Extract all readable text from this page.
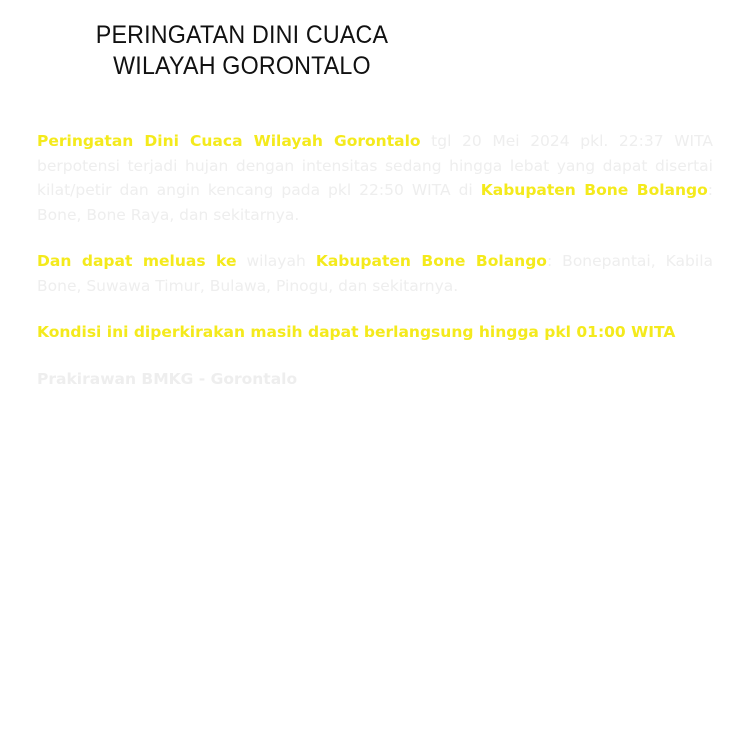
PERINGATAN DINI CUACA
WILAYAH GORONTALO

Peringatan Dini Cuaca Wilayah Gorontalo tgl 20 Mei 2024 pkl. 22:37 WITA berpotensi terjadi hujan dengan intensitas sedang hingga lebat yang dapat disertai kilat/petir dan angin kencang pada pkl 22:50 WITA di Kabupaten Bone Bolango: Bone, Bone Raya, dan sekitarnya.

Dan dapat meluas ke wilayah Kabupaten Bone Bolango: Bonepantai, Kabila Bone, Suwawa Timur, Bulawa, Pinogu, dan sekitarnya.

Kondisi ini diperkirakan masih dapat berlangsung hingga pkl 01:00 WITA

Prakirawan BMKG - Gorontalo
